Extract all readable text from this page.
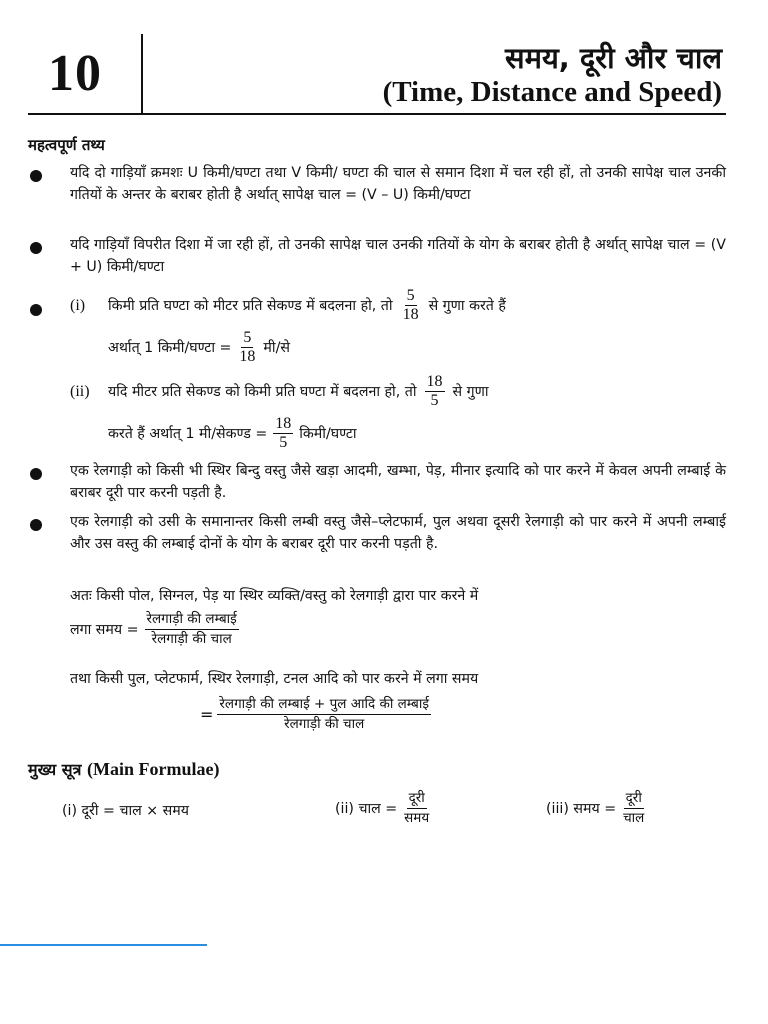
10	समय, दूरी और चाल
(Time, Distance and Speed)
महत्वपूर्ण तथ्य
यदि दो गाड़ियाँ क्रमशः U किमी/घण्टा तथा V किमी/ घण्टा की चाल से समान दिशा में चल रही हों, तो उनकी सापेक्ष चाल उनकी गतियों के अन्तर के बराबर होती है अर्थात् सापेक्ष चाल = (V – U) किमी/घण्टा
यदि गाड़ियाँ विपरीत दिशा में जा रही हों, तो उनकी सापेक्ष चाल उनकी गतियों के योग के बराबर होती है अर्थात् सापेक्ष चाल = (V + U) किमी/घण्टा
(i)	किमी प्रति घण्टा को मीटर प्रति सेकण्ड में बदलना हो, तो $\frac{5}{18}$ से गुणा करते हैं
अर्थात् 1 किमी/घण्टा = $\frac{5}{18}$ मी/से
(ii)	यदि मीटर प्रति सेकण्ड को किमी प्रति घण्टा में बदलना हो, तो $\frac{18}{5}$ से गुणा
करते हैं अर्थात् 1 मी/सेकण्ड = $\frac{18}{5}$ किमी/घण्टा
एक रेलगाड़ी को किसी भी स्थिर बिन्दु वस्तु जैसे खड़ा आदमी, खम्भा, पेड़, मीनार इत्यादि को पार करने में केवल अपनी लम्बाई के बराबर दूरी पार करनी पड़ती है.
एक रेलगाड़ी को उसी के समानान्तर किसी लम्बी वस्तु जैसे–प्लेटफार्म, पुल अथवा दूसरी रेलगाड़ी को पार करने में अपनी लम्बाई और उस वस्तु की लम्बाई दोनों के योग के बराबर दूरी पार करनी पड़ती है.
अतः किसी पोल, सिग्नल, पेड़ या स्थिर व्यक्ति/वस्तु को रेलगाड़ी द्वारा पार करने में
लगा समय = $\frac{\text{रेलगाड़ी की लम्बाई}}{\text{रेलगाड़ी की चाल}}$
तथा किसी पुल, प्लेटफार्म, स्थिर रेलगाड़ी, टनल आदि को पार करने में लगा समय
= $\frac{\text{रेलगाड़ी की लम्बाई + पुल आदि की लम्बाई}}{\text{रेलगाड़ी की चाल}}$
मुख्य सूत्र (Main Formulae)
(i) दूरी = चाल × समय	(ii) चाल = $\frac{\text{दूरी}}{\text{समय}}$	(iii) समय = $\frac{\text{दूरी}}{\text{चाल}}$
